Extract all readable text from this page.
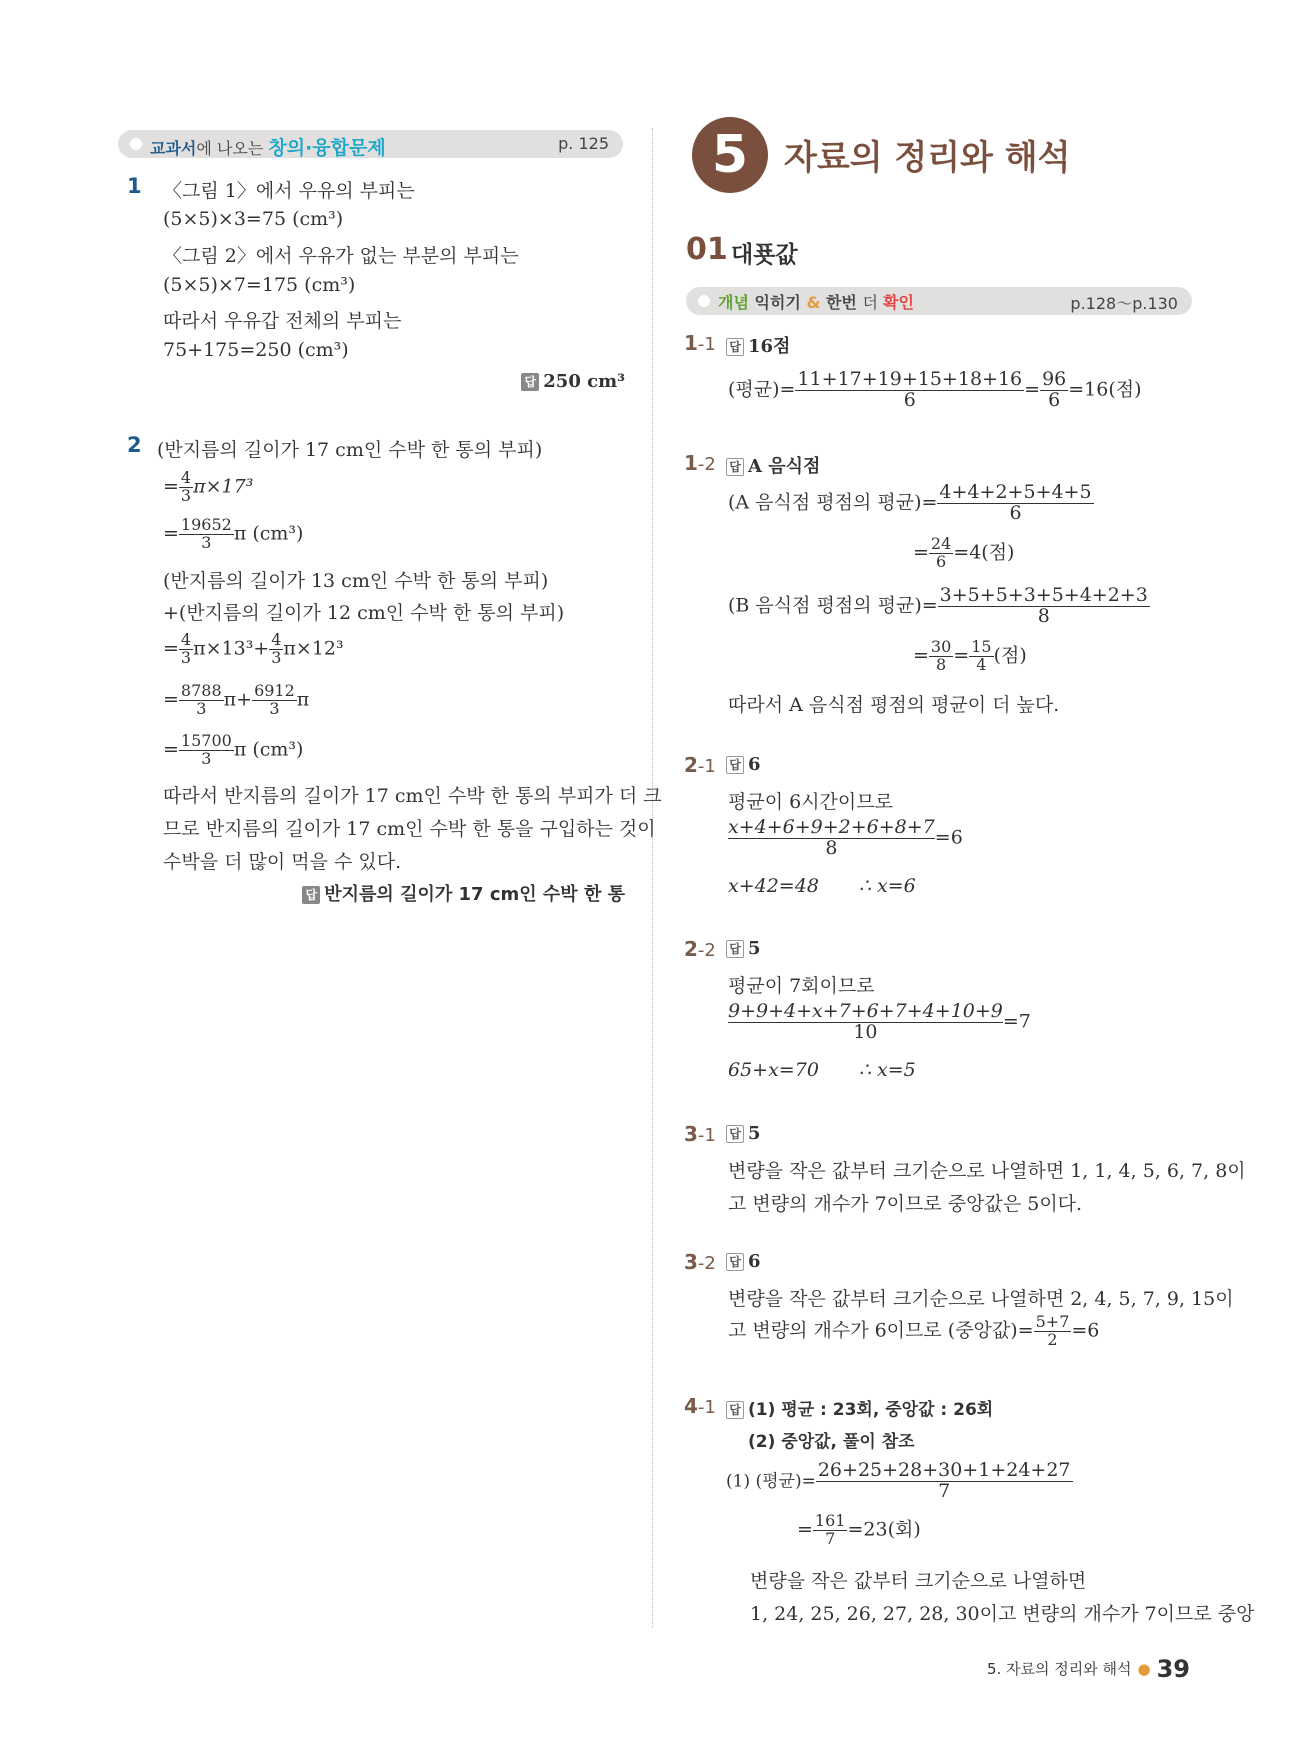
교과서에 나오는 창의·융합문제	p. 125
1 〈그림 1〉에서 우유의 부피는
(5×5)×3=75 (cm³)
〈그림 2〉에서 우유가 없는 부분의 부피는
(5×5)×7=175 (cm³)
따라서 우유갑 전체의 부피는
75+175=250 (cm³)
답 250 cm³
2 (반지름의 길이가 17 cm인 수박 한 통의 부피)
= $\frac{4}{3} \pi\times 17^3$
= $\frac{19652}{3}$ π (cm³)
(반지름의 길이가 13 cm인 수박 한 통의 부피)
+(반지름의 길이가 12 cm인 수박 한 통의 부피)
= $\frac{4}{3} \pi\times 13^3+ \frac{4}{3} \pi\times 12^3$
= $\frac{8788}{3} \pi+ \frac{6912}{3}$ π
= $\frac{15700}{3}$ π (cm³)
따라서 반지름의 길이가 17 cm인 수박 한 통의 부피가 더 크
므로 반지름의 길이가 17 cm인 수박 한 통을 구입하는 것이
수박을 더 많이 먹을 수 있다.
답 반지름의 길이가 17 cm인 수박 한 통
5	자료의 정리와 해석
01 대푯값
개념 익히기 & 한번 더 확인	p.128～p.130
1-1 답 16점
(평균)= $\frac{11+17+19+15+18+16}{6} = \frac{96}{6} =16$(점)
1-2 답 A 음식점
(A 음식점 평점의 평균)= $\frac{4+4+2+5+4+5}{6}$
= $\frac{24}{6} =4$(점)
(B 음식점 평점의 평균)= $\frac{3+5+5+3+5+4+2+3}{8}$
= $\frac{30}{8} = \frac{15}{4}$ (점)
따라서 A 음식점 평점의 평균이 더 높다.
2-1 답 6
평균이 6시간이므로
$\frac{x+4+6+9+2+6+8+7}{8} =6$
x+42=48 ∴ x=6
2-2 답 5
평균이 7회이므로
$\frac{9+9+4+x+7+6+7+4+10+9}{10} =7$
65+x=70 ∴ x=5
3-1 답 5
변량을 작은 값부터 크기순으로 나열하면 1, 1, 4, 5, 6, 7, 8이
고 변량의 개수가 7이므로 중앙값은 5이다.
3-2 답 6
변량을 작은 값부터 크기순으로 나열하면 2, 4, 5, 7, 9, 15이
고 변량의 개수가 6이므로 (중앙값)= $\frac{5+7}{2} =6$
4-1 답 (1) 평균 : 23회, 중앙값 : 26회
(2) 중앙값, 풀이 참조
(1) (평균)= $\frac{26+25+28+30+1+24+27}{7}$
= $\frac{161}{7} =23$(회)
변량을 작은 값부터 크기순으로 나열하면
1, 24, 25, 26, 27, 28, 30이고 변량의 개수가 7이므로 중앙
5. 자료의 정리와 해석 ● 39
